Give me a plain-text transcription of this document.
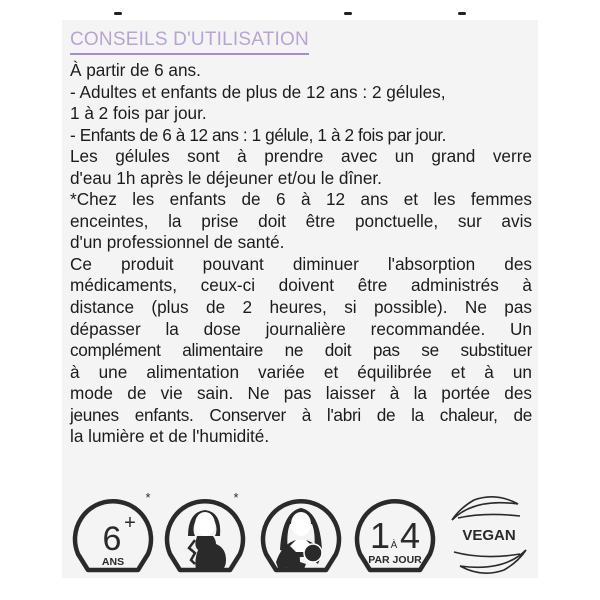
CONSEILS D'UTILISATION
À partir de 6 ans.
- Adultes et enfants de plus de 12 ans : 2 gélules,
1 à 2 fois par jour.
- Enfants de 6 à 12 ans : 1 gélule, 1 à 2 fois par jour.
Les gélules sont à prendre avec un grand verre
d'eau 1h après le déjeuner et/ou le dîner.
*Chez les enfants de 6 à 12 ans et les femmes
enceintes, la prise doit être ponctuelle, sur avis
d'un professionnel de santé.
Ce produit pouvant diminuer l'absorption des
médicaments, ceux-ci doivent être administrés à
distance (plus de 2 heures, si possible). Ne pas
dépasser la dose journalière recommandée. Un
complément alimentaire ne doit pas se substituer
à une alimentation variée et équilibrée et à un
mode de vie sain. Ne pas laisser à la portée des
jeunes enfants. Conserver à l'abri de la chaleur, de
la lumière et de l'humidité.
6 +
ANS
*	*
1 À 4
PAR JOUR
VEGAN
